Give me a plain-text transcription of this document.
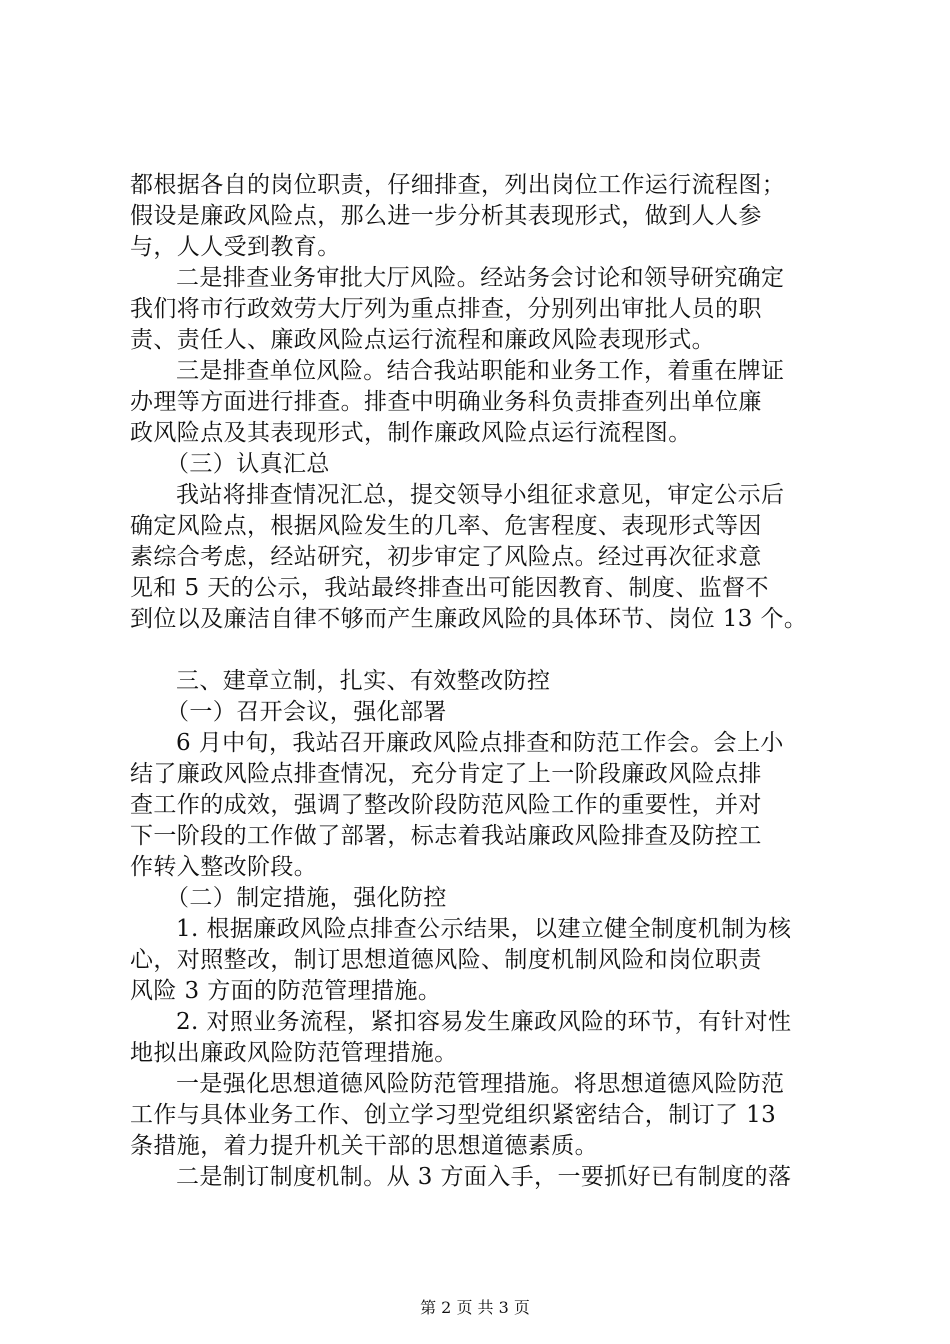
都根据各自的岗位职责，仔细排查，列出岗位工作运行流程图；
假设是廉政风险点，那么进一步分析其表现形式，做到人人参
与，人人受到教育。
二是排查业务审批大厅风险。经站务会讨论和领导研究确定
我们将市行政效劳大厅列为重点排查，分别列出审批人员的职
责、责任人、廉政风险点运行流程和廉政风险表现形式。
三是排查单位风险。结合我站职能和业务工作，着重在牌证
办理等方面进行排查。排查中明确业务科负责排查列出单位廉
政风险点及其表现形式，制作廉政风险点运行流程图。
（三）认真汇总
我站将排查情况汇总，提交领导小组征求意见，审定公示后
确定风险点，根据风险发生的几率、危害程度、表现形式等因
素综合考虑，经站研究，初步审定了风险点。经过再次征求意
见和 5 天的公示，我站最终排查出可能因教育、制度、监督不
到位以及廉洁自律不够而产生廉政风险的具体环节、岗位 13 个。
三、建章立制，扎实、有效整改防控
（一）召开会议，强化部署
6 月中旬，我站召开廉政风险点排查和防范工作会。会上小
结了廉政风险点排查情况，充分肯定了上一阶段廉政风险点排
查工作的成效，强调了整改阶段防范风险工作的重要性，并对
下一阶段的工作做了部署，标志着我站廉政风险排查及防控工
作转入整改阶段。
（二）制定措施，强化防控
1. 根据廉政风险点排查公示结果，以建立健全制度机制为核
心，对照整改，制订思想道德风险、制度机制风险和岗位职责
风险 3 方面的防范管理措施。
2. 对照业务流程，紧扣容易发生廉政风险的环节，有针对性
地拟出廉政风险防范管理措施。
一是强化思想道德风险防范管理措施。将思想道德风险防范
工作与具体业务工作、创立学习型党组织紧密结合，制订了 13
条措施，着力提升机关干部的思想道德素质。
二是制订制度机制。从 3 方面入手，一要抓好已有制度的落
第 2 页 共 3 页
